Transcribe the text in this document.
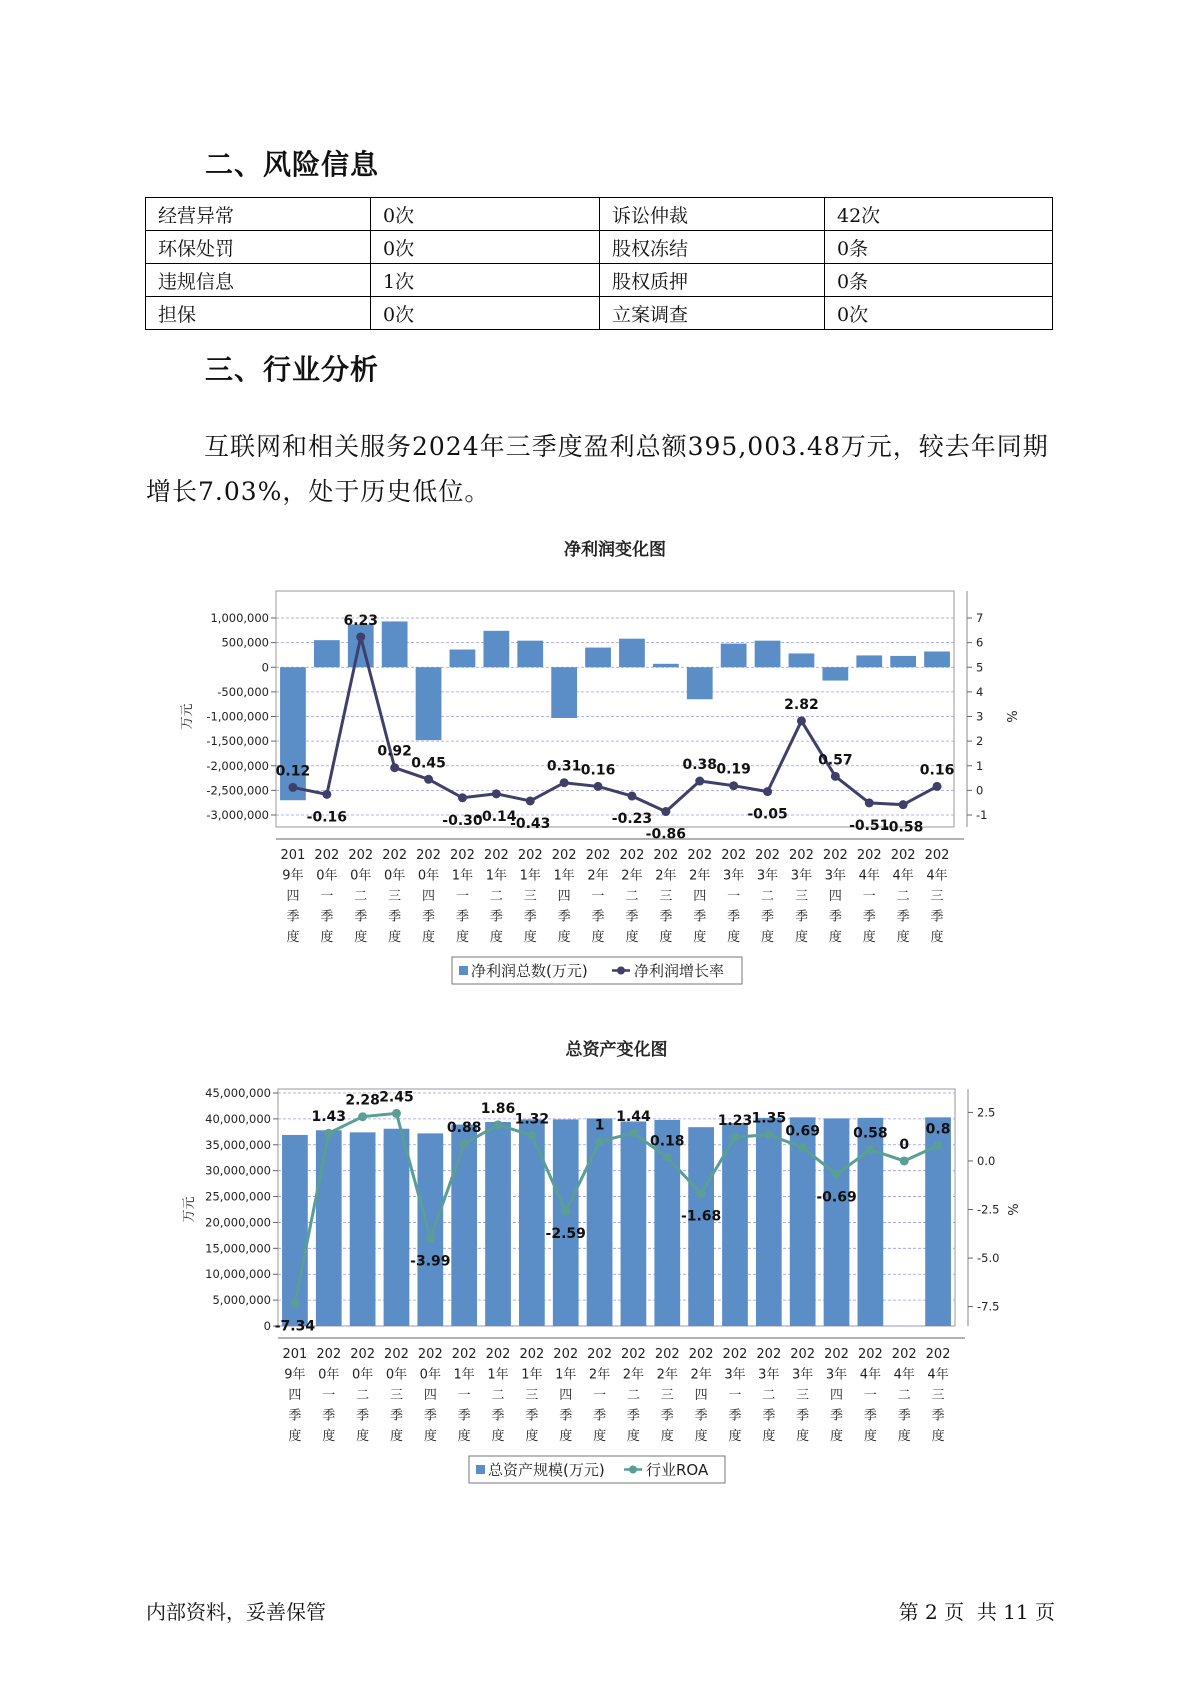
二、风险信息
经营异常	0次	诉讼仲裁	42次
环保处罚	0次	股权冻结	0条
违规信息	1次	股权质押	0条
担保	0次	立案调查	0次
三、行业分析
互联网和相关服务2024年三季度盈利总额395,003.48万元，较去年同期增长7.03%，处于历史低位。
净利润变化图
1,000,000
500,000
0
-500,000
-1,000,000
-1,500,000
-2,000,000
-2,500,000
-3,000,000
7
6
5
4
3
2
1
0
-1
万元	%
0.12
-0.16
6.23
0.92
0.45
-0.30
-0.14
-0.43
0.31 0.16
-0.23
-0.86
0.38 0.19
-0.05
2.82
0.57
-0.51
-0.58
0.16
201 9年四季度
202 0年一季度
202 0年二季度
202 0年三季度
202 0年四季度
202 1年一季度
202 1年二季度
202 1年三季度
202 1年四季度
202 2年一季度
202 2年二季度
202 2年三季度
202 2年四季度
202 3年一季度
202 3年二季度
202 3年三季度
202 3年四季度
202 4年一季度
202 4年二季度
202 4年三季度
净利润总数(万元)	净利润增长率
总资产变化图
45,000,000
40,000,000
35,000,000
30,000,000
25,000,000
20,000,000
15,000,000
10,000,000
5,000,000
0
2.5
0.0
-2.5
-5.0
-7.5
万元	%
-7.34
1.43
2.28 2.45
-3.99
0.88
1.86
1.32
-2.59
1
1.44
0.18
-1.68
1.23 1.35
0.69
-0.69
0.58
0
0.8
201 9年四季度
202 0年一季度
202 0年二季度
202 0年三季度
202 0年四季度
202 1年一季度
202 1年二季度
202 1年三季度
202 1年四季度
202 2年一季度
202 2年二季度
202 2年三季度
202 2年四季度
202 3年一季度
202 3年二季度
202 3年三季度
202 3年四季度
202 4年一季度
202 4年二季度
202 4年三季度
总资产规模(万元)	行业ROA
内部资料，妥善保管	第 2 页  共 11 页
